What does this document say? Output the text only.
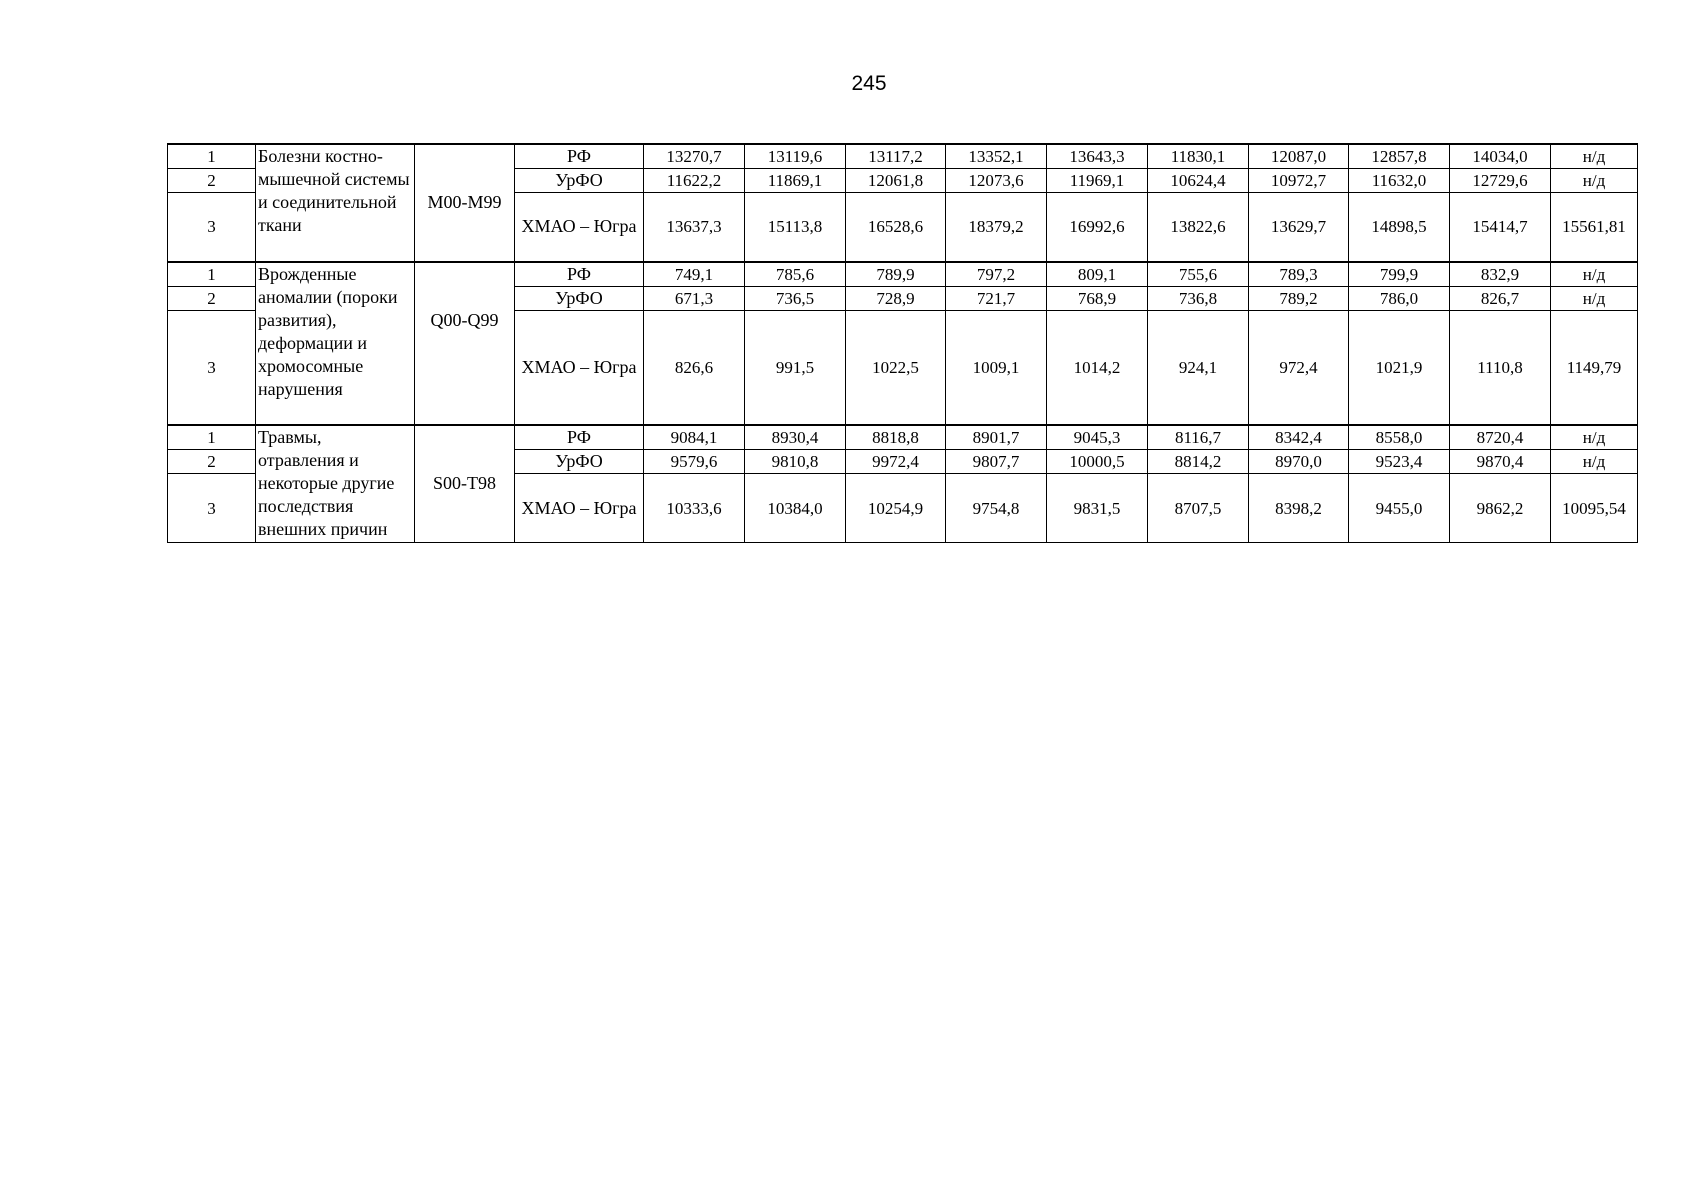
245
1	Болезни костно-мышечной системы и соединительной ткани	M00-M99	РФ	13270,7	13119,6	13117,2	13352,1	13643,3	11830,1	12087,0	12857,8	14034,0	н/д
2			УрФО	11622,2	11869,1	12061,8	12073,6	11969,1	10624,4	10972,7	11632,0	12729,6	н/д
3			ХМАО – Югра	13637,3	15113,8	16528,6	18379,2	16992,6	13822,6	13629,7	14898,5	15414,7	15561,81
1	Врожденные аномалии (пороки развития), деформации и хромосомные нарушения	Q00-Q99	РФ	749,1	785,6	789,9	797,2	809,1	755,6	789,3	799,9	832,9	н/д
2			УрФО	671,3	736,5	728,9	721,7	768,9	736,8	789,2	786,0	826,7	н/д
3			ХМАО – Югра	826,6	991,5	1022,5	1009,1	1014,2	924,1	972,4	1021,9	1110,8	1149,79
1	Травмы, отравления и некоторые другие последствия внешних причин	S00-T98	РФ	9084,1	8930,4	8818,8	8901,7	9045,3	8116,7	8342,4	8558,0	8720,4	н/д
2			УрФО	9579,6	9810,8	9972,4	9807,7	10000,5	8814,2	8970,0	9523,4	9870,4	н/д
3			ХМАО – Югра	10333,6	10384,0	10254,9	9754,8	9831,5	8707,5	8398,2	9455,0	9862,2	10095,54
